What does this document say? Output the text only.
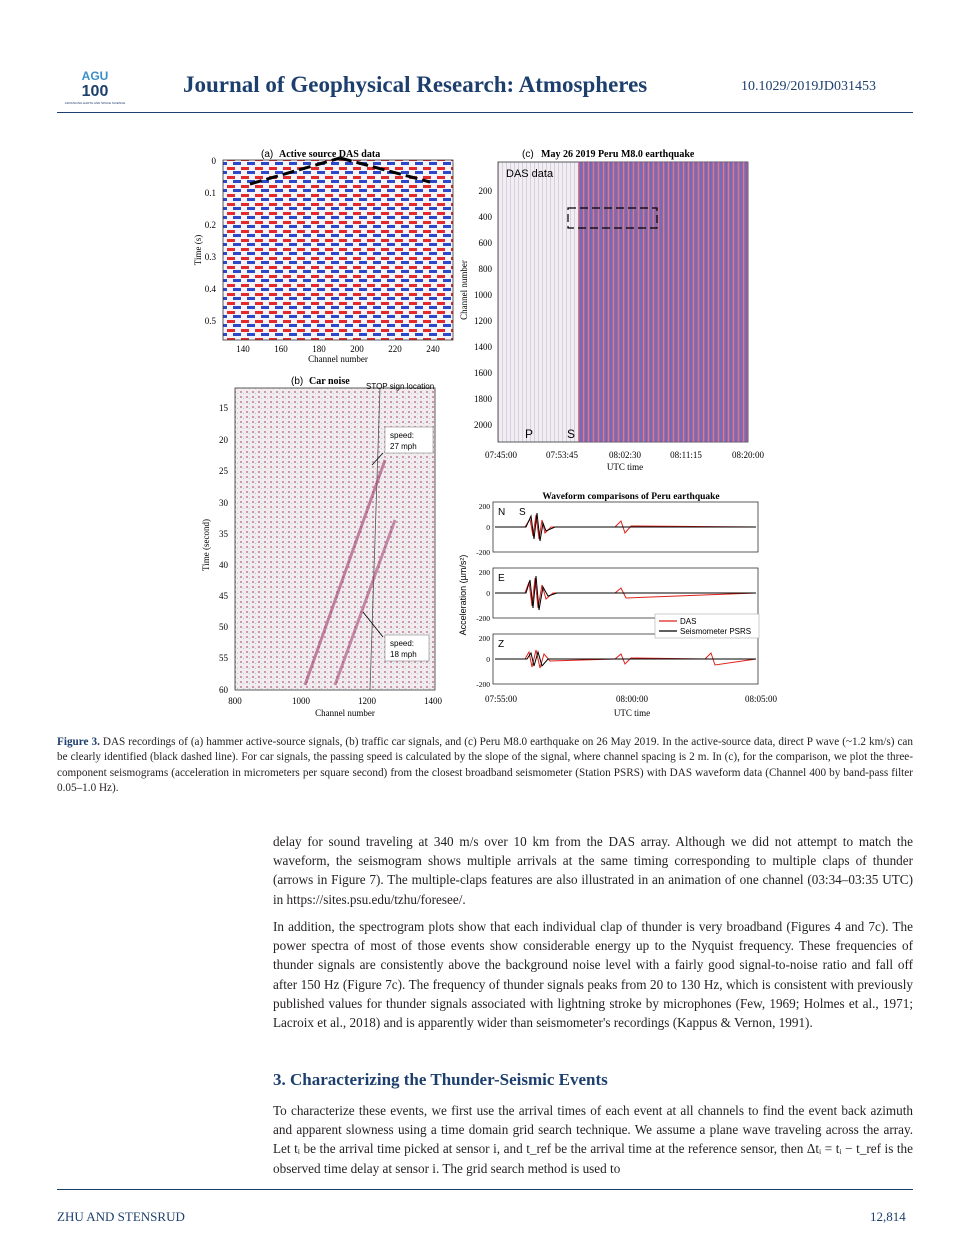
AGU
100
ADVANCING EARTH AND SPACE SCIENCE
Journal of Geophysical Research: Atmospheres	10.1029/2019JD031453
(a) Active source DAS data
0
0.1
0.2
0.3
0.4
0.5
Time (s)
140	160	180	200	220	240
Channel number
(b) Car noise STOP sign location
speed:
27 mph
speed:
18 mph
15
20
25
30
35
40
45
50
55
60
Time (second)
800	1000	1200	1400
Channel number
(c) May 26 2019 Peru M8.0 earthquake
DAS data
P	S
200
400
600
800
1000
1200
1400
1600
1800
2000
Channel number
07:45:00	07:53:45	08:02:30	08:11:15	08:20:00
UTC time
Waveform comparisons of Peru earthquake
N S
E
Z
200
0
-200
200
0
-200
200
0
-200
Acceleration (µm/s²)	DAS
Seismometer PSRS
07:55:00	08:00:00	08:05:00
UTC time
Figure 3. DAS recordings of (a) hammer active-source signals, (b) traffic car signals, and (c) Peru M8.0 earthquake on 26 May 2019. In the active-source data, direct P wave (~1.2 km/s) can be clearly identified (black dashed line). For car signals, the passing speed is calculated by the slope of the signal, where channel spacing is 2 m. In (c), for the comparison, we plot the three-component seismograms (acceleration in micrometers per square second) from the closest broadband seismometer (Station PSRS) with DAS waveform data (Channel 400 by band-pass filter 0.05–1.0 Hz).
delay for sound traveling at 340 m/s over 10 km from the DAS array. Although we did not attempt to match the waveform, the seismogram shows multiple arrivals at the same timing corresponding to multiple claps of thunder (arrows in Figure 7). The multiple-claps features are also illustrated in an animation of one channel (03:34–03:35 UTC) in https://sites.psu.edu/tzhu/foresee/.
In addition, the spectrogram plots show that each individual clap of thunder is very broadband (Figures 4 and 7c). The power spectra of most of those events show considerable energy up to the Nyquist frequency. These frequencies of thunder signals are consistently above the background noise level with a fairly good signal-to-noise ratio and fall off after 150 Hz (Figure 7c). The frequency of thunder signals peaks from 20 to 130 Hz, which is consistent with previously published values for thunder signals associated with lightning stroke by microphones (Few, 1969; Holmes et al., 1971; Lacroix et al., 2018) and is apparently wider than seismometer's recordings (Kappus & Vernon, 1991).
3. Characterizing the Thunder-Seismic Events
To characterize these events, we first use the arrival times of each event at all channels to find the event back azimuth and apparent slowness using a time domain grid search technique. We assume a plane wave traveling across the array. Let tᵢ be the arrival time picked at sensor i, and t_ref be the arrival time at the reference sensor, then Δtᵢ = tᵢ − t_ref is the observed time delay at sensor i. The grid search method is used to
ZHU AND STENSRUD	12,814
